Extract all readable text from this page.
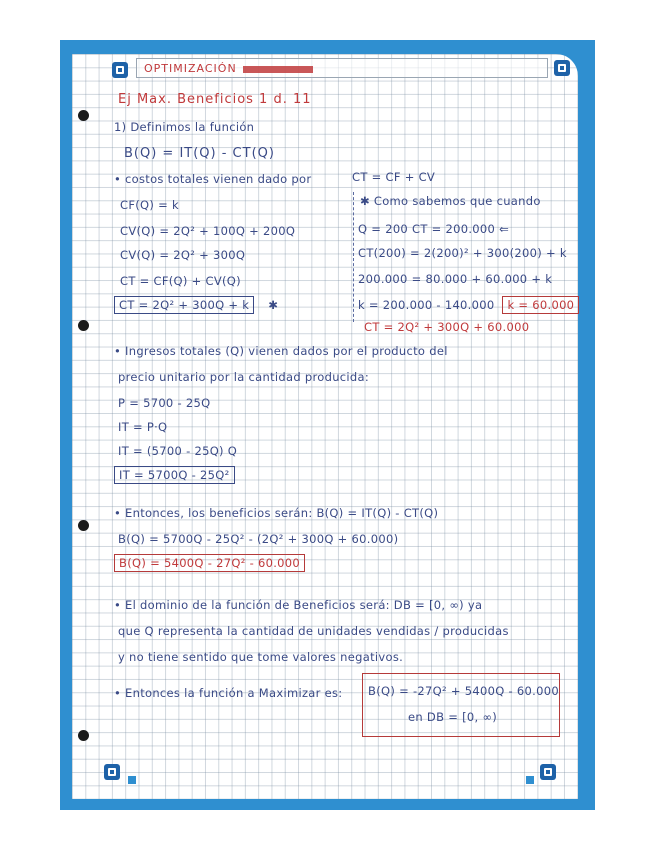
OPTIMIZACIÓN
Ej Max. Beneficios 1 d. 11
1) Definimos la función
B(Q) = IT(Q) - CT(Q)
• costos totales vienen dado por	CT = CF + CV
CF(Q) = k
CV(Q) = 2Q² + 100Q + 200Q
CV(Q) = 2Q² + 300Q
CT = CF(Q) + CV(Q)
CT = 2Q² + 300Q + k ✱
✱ Como sabemos que cuando
Q = 200 CT = 200.000 ⇐
CT(200) = 2(200)² + 300(200) + k
200.000 = 80.000 + 60.000 + k
k = 200.000 - 140.000 k = 60.000
CT = 2Q² + 300Q + 60.000
• Ingresos totales (Q) vienen dados por el producto del
precio unitario por la cantidad producida:
P = 5700 - 25Q
IT = P·Q
IT = (5700 - 25Q) Q
IT = 5700Q - 25Q²
• Entonces, los beneficios serán: B(Q) = IT(Q) - CT(Q)
B(Q) = 5700Q - 25Q² - (2Q² + 300Q + 60.000)
B(Q) = 5400Q - 27Q² - 60.000
• El dominio de la función de Beneficios será: DB = [0, ∞) ya
que Q representa la cantidad de unidades vendidas / producidas
y no tiene sentido que tome valores negativos.
• Entonces la función a Maximizar es: B(Q) = -27Q² + 5400Q - 60.000
en DB = [0, ∞)
